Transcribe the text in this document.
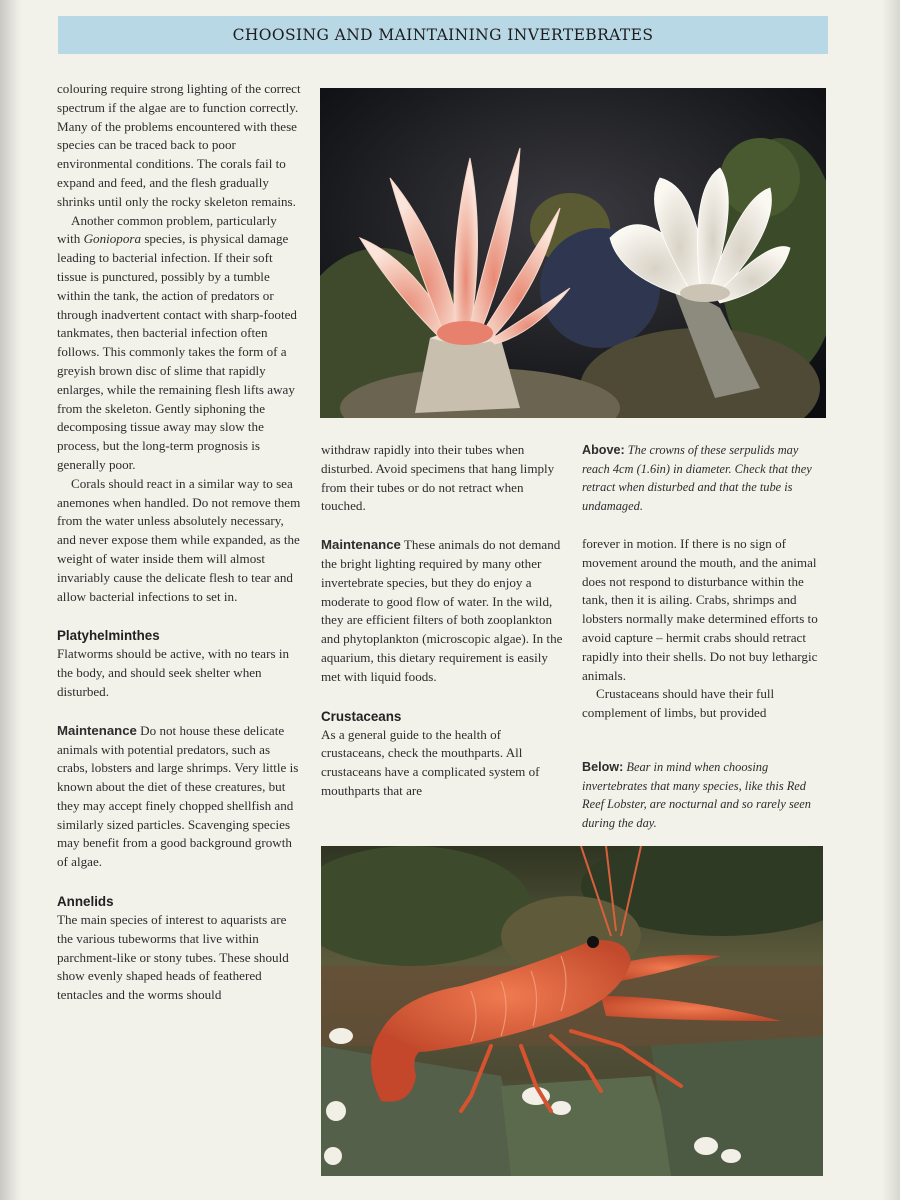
CHOOSING AND MAINTAINING INVERTEBRATES

colouring require strong lighting of the correct spectrum if the algae are to function correctly. Many of the problems encountered with these species can be traced back to poor environmental conditions. The corals fail to expand and feed, and the flesh gradually shrinks until only the rocky skeleton remains.

Another common problem, particularly with Goniopora species, is physical damage leading to bacterial infection. If their soft tissue is punctured, possibly by a tumble within the tank, the action of predators or through inadvertent contact with sharp-footed tankmates, then bacterial infection often follows. This commonly takes the form of a greyish brown disc of slime that rapidly enlarges, while the remaining flesh lifts away from the skeleton. Gently siphoning the decomposing tissue away may slow the process, but the long-term prognosis is generally poor.

Corals should react in a similar way to sea anemones when handled. Do not remove them from the water unless absolutely necessary, and never expose them while expanded, as the weight of water inside them will almost invariably cause the delicate flesh to tear and allow bacterial infections to set in.

Platyhelminthes

Flatworms should be active, with no tears in the body, and should seek shelter when disturbed.

Maintenance Do not house these delicate animals with potential predators, such as crabs, lobsters and large shrimps. Very little is known about the diet of these creatures, but they may accept finely chopped shellfish and similarly sized particles. Scavenging species may benefit from a good background growth of algae.

Annelids

The main species of interest to aquarists are the various tubeworms that live within parchment-like or stony tubes. These should show evenly shaped heads of feathered tentacles and the worms should

Above: The crowns of these serpulids may reach 4cm (1.6in) in diameter. Check that they retract when disturbed and that the tube is undamaged.

withdraw rapidly into their tubes when disturbed. Avoid specimens that hang limply from their tubes or do not retract when touched.

Maintenance These animals do not demand the bright lighting required by many other invertebrate species, but they do enjoy a moderate to good flow of water. In the wild, they are efficient filters of both zooplankton and phytoplankton (microscopic algae). In the aquarium, this dietary requirement is easily met with liquid foods.

Crustaceans

As a general guide to the health of crustaceans, check the mouthparts. All crustaceans have a complicated system of mouthparts that are

forever in motion. If there is no sign of movement around the mouth, and the animal does not respond to disturbance within the tank, then it is ailing. Crabs, shrimps and lobsters normally make determined efforts to avoid capture – hermit crabs should retract rapidly into their shells. Do not buy lethargic animals.

Crustaceans should have their full complement of limbs, but provided

Below: Bear in mind when choosing invertebrates that many species, like this Red Reef Lobster, are nocturnal and so rarely seen during the day.
